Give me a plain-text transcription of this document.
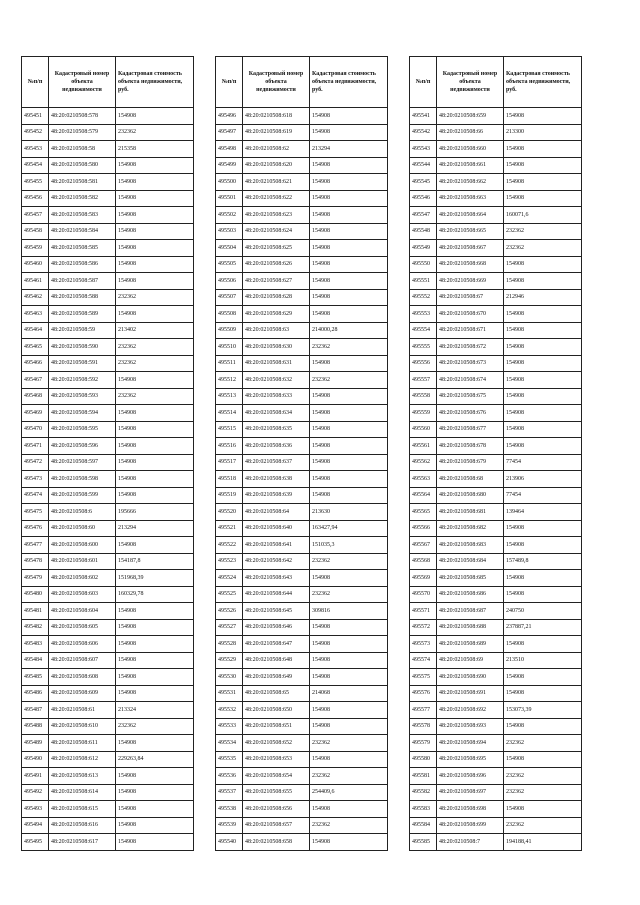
№п/п	Кадастровый номер объекта недвижимости	Кадастровая стоимость объекта недвижимости, руб.
495451	48:20:0210508:578	154908
495452	48:20:0210508:579	232362
495453	48:20:0210508:58	215358
495454	48:20:0210508:580	154908
495455	48:20:0210508:581	154908
495456	48:20:0210508:582	154908
495457	48:20:0210508:583	154908
495458	48:20:0210508:584	154908
495459	48:20:0210508:585	154908
495460	48:20:0210508:586	154908
495461	48:20:0210508:587	154908
495462	48:20:0210508:588	232362
495463	48:20:0210508:589	154908
495464	48:20:0210508:59	213402
495465	48:20:0210508:590	232362
495466	48:20:0210508:591	232362
495467	48:20:0210508:592	154908
495468	48:20:0210508:593	232362
495469	48:20:0210508:594	154908
495470	48:20:0210508:595	154908
495471	48:20:0210508:596	154908
495472	48:20:0210508:597	154908
495473	48:20:0210508:598	154908
495474	48:20:0210508:599	154908
495475	48:20:0210508:6	195666
495476	48:20:0210508:60	213294
495477	48:20:0210508:600	154908
495478	48:20:0210508:601	154187,8
495479	48:20:0210508:602	151968,39
495480	48:20:0210508:603	160329,78
495481	48:20:0210508:604	154908
495482	48:20:0210508:605	154908
495483	48:20:0210508:606	154908
495484	48:20:0210508:607	154908
495485	48:20:0210508:608	154908
495486	48:20:0210508:609	154908
495487	48:20:0210508:61	213324
495488	48:20:0210508:610	232362
495489	48:20:0210508:611	154908
495490	48:20:0210508:612	229263,84
495491	48:20:0210508:613	154908
495492	48:20:0210508:614	154908
495493	48:20:0210508:615	154908
495494	48:20:0210508:616	154908
495495	48:20:0210508:617	154908
№п/п	Кадастровый номер объекта недвижимости	Кадастровая стоимость объекта недвижимости, руб.
495496	48:20:0210508:618	154908
495497	48:20:0210508:619	154908
495498	48:20:0210508:62	213294
495499	48:20:0210508:620	154908
495500	48:20:0210508:621	154908
495501	48:20:0210508:622	154908
495502	48:20:0210508:623	154908
495503	48:20:0210508:624	154908
495504	48:20:0210508:625	154908
495505	48:20:0210508:626	154908
495506	48:20:0210508:627	154908
495507	48:20:0210508:628	154908
495508	48:20:0210508:629	154908
495509	48:20:0210508:63	214000,28
495510	48:20:0210508:630	232362
495511	48:20:0210508:631	154908
495512	48:20:0210508:632	232362
495513	48:20:0210508:633	154908
495514	48:20:0210508:634	154908
495515	48:20:0210508:635	154908
495516	48:20:0210508:636	154908
495517	48:20:0210508:637	154908
495518	48:20:0210508:638	154908
495519	48:20:0210508:639	154908
495520	48:20:0210508:64	213630
495521	48:20:0210508:640	163427,94
495522	48:20:0210508:641	151035,3
495523	48:20:0210508:642	232362
495524	48:20:0210508:643	154908
495525	48:20:0210508:644	232362
495526	48:20:0210508:645	309816
495527	48:20:0210508:646	154908
495528	48:20:0210508:647	154908
495529	48:20:0210508:648	154908
495530	48:20:0210508:649	154908
495531	48:20:0210508:65	214068
495532	48:20:0210508:650	154908
495533	48:20:0210508:651	154908
495534	48:20:0210508:652	232362
495535	48:20:0210508:653	154908
495536	48:20:0210508:654	232362
495537	48:20:0210508:655	254409,6
495538	48:20:0210508:656	154908
495539	48:20:0210508:657	232362
495540	48:20:0210508:658	154908
№п/п	Кадастровый номер объекта недвижимости	Кадастровая стоимость объекта недвижимости, руб.
495541	48:20:0210508:659	154908
495542	48:20:0210508:66	213300
495543	48:20:0210508:660	154908
495544	48:20:0210508:661	154908
495545	48:20:0210508:662	154908
495546	48:20:0210508:663	154908
495547	48:20:0210508:664	160071,6
495548	48:20:0210508:665	232362
495549	48:20:0210508:667	232362
495550	48:20:0210508:668	154908
495551	48:20:0210508:669	154908
495552	48:20:0210508:67	212946
495553	48:20:0210508:670	154908
495554	48:20:0210508:671	154908
495555	48:20:0210508:672	154908
495556	48:20:0210508:673	154908
495557	48:20:0210508:674	154908
495558	48:20:0210508:675	154908
495559	48:20:0210508:676	154908
495560	48:20:0210508:677	154908
495561	48:20:0210508:678	154908
495562	48:20:0210508:679	77454
495563	48:20:0210508:68	213906
495564	48:20:0210508:680	77454
495565	48:20:0210508:681	139464
495566	48:20:0210508:682	154908
495567	48:20:0210508:683	154908
495568	48:20:0210508:684	157489,8
495569	48:20:0210508:685	154908
495570	48:20:0210508:686	154908
495571	48:20:0210508:687	240750
495572	48:20:0210508:688	237887,21
495573	48:20:0210508:689	154908
495574	48:20:0210508:69	213510
495575	48:20:0210508:690	154908
495576	48:20:0210508:691	154908
495577	48:20:0210508:692	153073,39
495578	48:20:0210508:693	154908
495579	48:20:0210508:694	232362
495580	48:20:0210508:695	154908
495581	48:20:0210508:696	232362
495582	48:20:0210508:697	232362
495583	48:20:0210508:698	154908
495584	48:20:0210508:699	232362
495585	48:20:0210508:7	194188,41
